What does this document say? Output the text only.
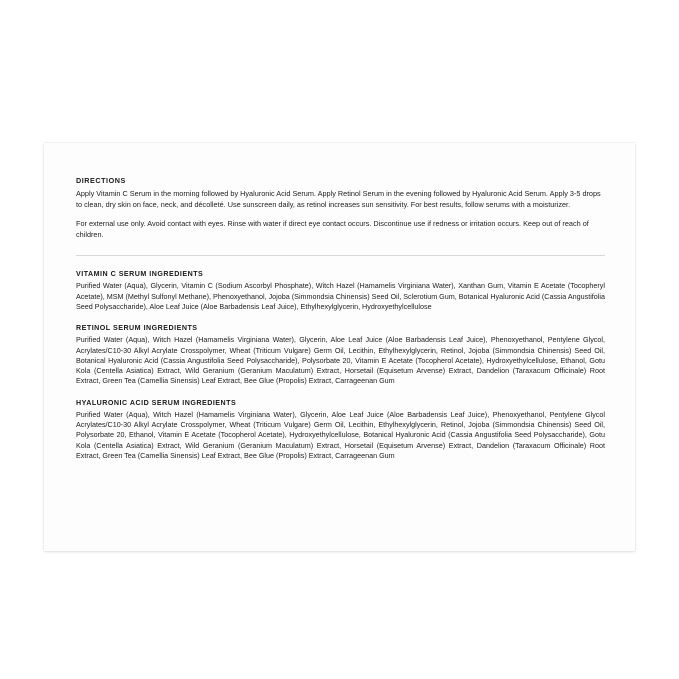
DIRECTIONS

Apply Vitamin C Serum in the morning followed by Hyaluronic Acid Serum. Apply Retinol Serum in the evening followed by Hyaluronic Acid Serum. Apply 3-5 drops to clean, dry skin on face, neck, and décolleté. Use sunscreen daily, as retinol increases sun sensitivity. For best results, follow serums with a moisturizer.

For external use only. Avoid contact with eyes. Rinse with water if direct eye contact occurs. Discontinue use if redness or irritation occurs. Keep out of reach of children.

VITAMIN C SERUM INGREDIENTS

Purified Water (Aqua), Glycerin, Vitamin C (Sodium Ascorbyl Phosphate), Witch Hazel (Hamamelis Virginiana Water), Xanthan Gum, Vitamin E Acetate (Tocopheryl Acetate), MSM (Methyl Sulfonyl Methane), Phenoxyethanol, Jojoba (Simmondsia Chinensis) Seed Oil, Sclerotium Gum, Botanical Hyaluronic Acid (Cassia Angustifolia Seed Polysaccharide), Aloe Leaf Juice (Aloe Barbadensis Leaf Juice), Ethylhexylglycerin, Hydroxyethylcellulose

RETINOL SERUM INGREDIENTS

Purified Water (Aqua), Witch Hazel (Hamamelis Virginiana Water), Glycerin, Aloe Leaf Juice (Aloe Barbadensis Leaf Juice), Phenoxyethanol, Pentylene Glycol, Acrylates/C10-30 Alkyl Acrylate Crosspolymer, Wheat (Triticum Vulgare) Germ Oil, Lecithin, Ethylhexylglycerin, Retinol, Jojoba (Simmondsia Chinensis) Seed Oil, Botanical Hyaluronic Acid (Cassia Angustifolia Seed Polysaccharide), Polysorbate 20, Vitamin E Acetate (Tocopherol Acetate), Hydroxyethylcellulose, Ethanol, Gotu Kola (Centella Asiatica) Extract, Wild Geranium (Geranium Maculatum) Extract, Horsetail (Equisetum Arvense) Extract, Dandelion (Taraxacum Officinale) Root Extract, Green Tea (Camellia Sinensis) Leaf Extract, Bee Glue (Propolis) Extract, Carrageenan Gum

HYALURONIC ACID SERUM INGREDIENTS

Purified Water (Aqua), Witch Hazel (Hamamelis Virginiana Water), Glycerin, Aloe Leaf Juice (Aloe Barbadensis Leaf Juice), Phenoxyethanol, Pentylene Glycol Acrylates/C10-30 Alkyl Acrylate Crosspolymer, Wheat (Triticum Vulgare) Germ Oil, Lecithin, Ethylhexylglycerin, Retinol, Jojoba (Simmondsia Chinensis) Seed Oil, Polysorbate 20, Ethanol, Vitamin E Acetate (Tocopherol Acetate), Hydroxyethylcellulose, Botanical Hyaluronic Acid (Cassia Angustifolia Seed Polysaccharide), Gotu Kola (Centella Asiatica) Extract, Wild Geranium (Geranium Maculatum) Extract, Horsetail (Equisetum Arvense) Extract, Dandelion (Taraxacum Officinale) Root Extract, Green Tea (Camellia Sinensis) Leaf Extract, Bee Glue (Propolis) Extract, Carrageenan Gum
